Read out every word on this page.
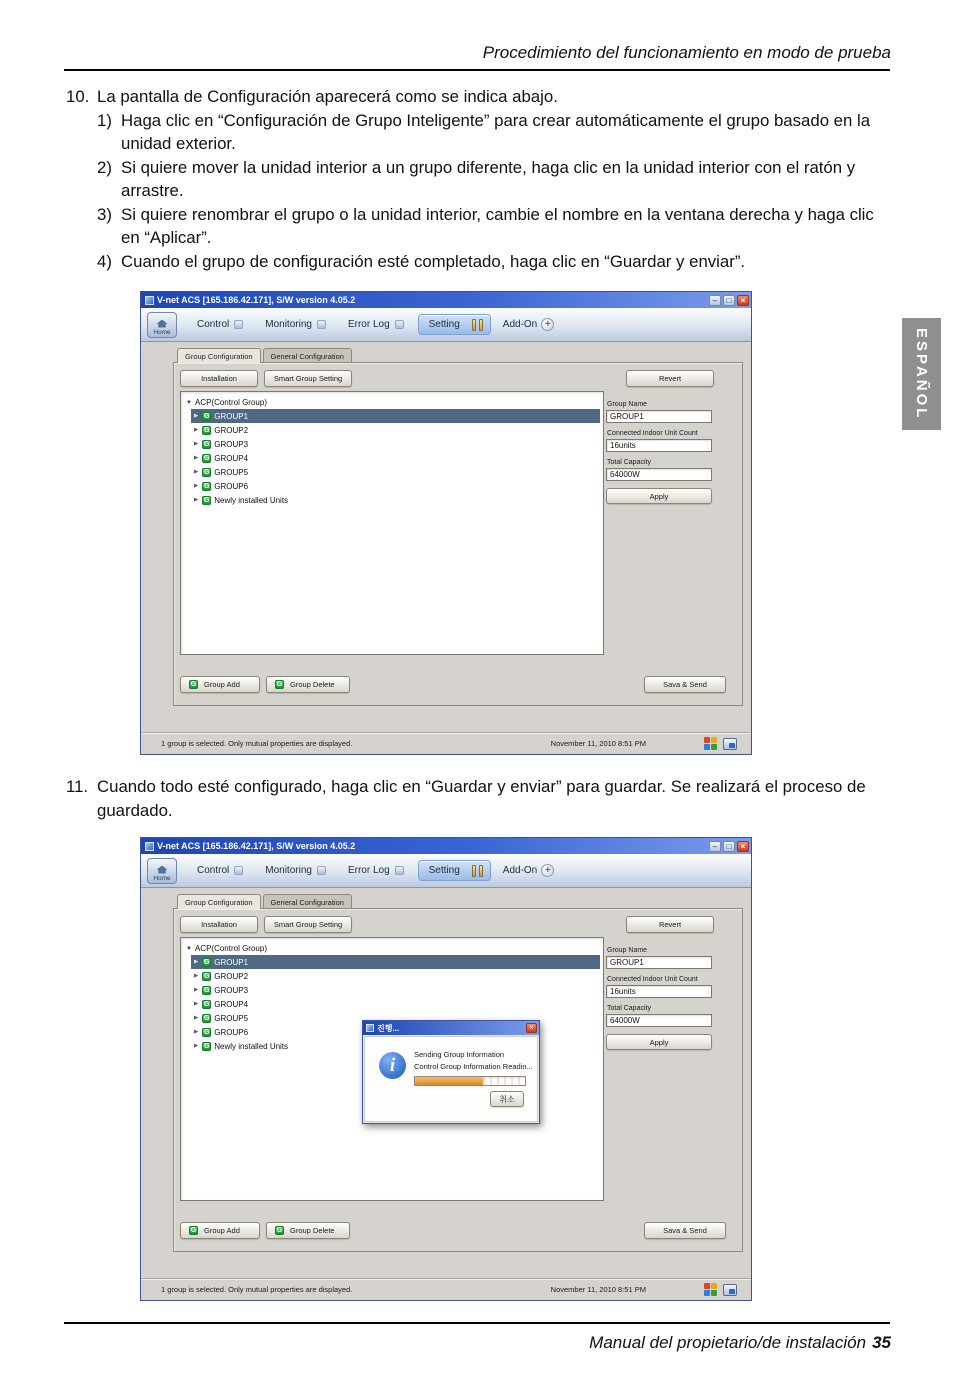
Procedimiento del funcionamiento en modo de prueba
10. La pantalla de Configuración aparecerá como se indica abajo.
1) Haga clic en “Configuración de Grupo Inteligente” para crear automáticamente el grupo basado en la unidad exterior.
2) Si quiere mover la unidad interior a un grupo diferente, haga clic en la unidad interior con el ratón y arrastre.
3) Si quiere renombrar el grupo o la unidad interior, cambie el nombre en la ventana derecha y haga clic en “Aplicar”.
4) Cuando el grupo de configuración esté completado, haga clic en “Guardar y enviar”.
V-net ACS [165.186.42.171], S/W version 4.05.2	–	□	×
Home
Control	Monitoring	Error Log	Setting	Add-On +
Group Configuration	General Configuration
Installation	Smart Group Setting	Revert
▼ ACP(Control Group)
▶ G GROUP1
▶ G GROUP2
▶ G GROUP3
▶ G GROUP4
▶ G GROUP5
▶ G GROUP6
▶ G Newly installed Units
Group Name
GROUP1
Connected Indoor Unit Count
16units
Total Capacity
64000W
Apply
G Group Add	G Group Delete	Sava & Send
1 group is selected. Only mutual properties are displayed.	November 11, 2010 8:51 PM
11. Cuando todo esté configurado, haga clic en “Guardar y enviar” para guardar. Se realizará el proceso de guardado.
V-net ACS [165.186.42.171], S/W version 4.05.2	–	□	×
Home
Control	Monitoring	Error Log	Setting	Add-On +
Group Configuration	General Configuration
Installation	Smart Group Setting	Revert
▼ ACP(Control Group)
▶ G GROUP1
▶ G GROUP2
▶ G GROUP3
▶ G GROUP4
▶ G GROUP5
▶ G GROUP6
▶ G Newly installed Units
Group Name
GROUP1
Connected Indoor Unit Count
16units
Total Capacity
64000W
Apply
G Group Add	G Group Delete	Sava & Send
1 group is selected. Only mutual properties are displayed.	November 11, 2010 8:51 PM
진행...	×
i
Sending Group Information
Control Group Information Readin...
취소
ESPAÑOL
Manual del propietario/de instalación 35
